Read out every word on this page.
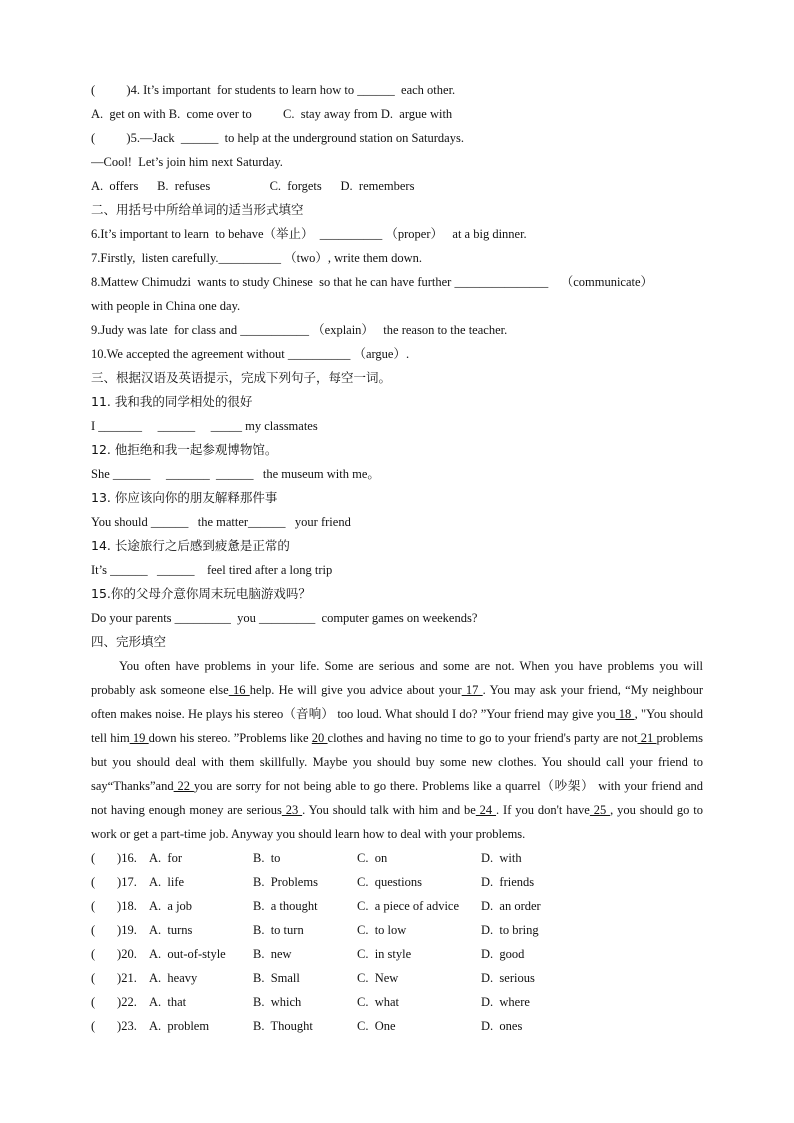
(          )4. It’s important  for students to learn how to ______  each other.
A.  get on with B.  come over to          C.  stay away from D.  argue with
(          )5.—Jack  ______  to help at the underground station on Saturdays.
—Cool!  Let’s join him next Saturday.
A.  offers      B.  refuses                   C.  forgets      D.  remembers
二、用括号中所给单词的适当形式填空
6.It’s important to learn  to behave（举止）  __________ （proper）   at a big dinner.
7.Firstly,  listen carefully.__________ （two）, write them down.
8.Mattew Chimudzi  wants to study Chinese  so that he can have further _______________    （communicate）
with people in China one day.
9.Judy was late  for class and ___________ （explain）   the reason to the teacher.
10.We accepted the agreement without __________ （argue）.
三、根据汉语及英语提示，完成下列句子，每空一词。
11. 我和我的同学相处的很好
I _______     ______     _____ my classmates
12. 他拒绝和我一起参观博物馆。
She ______     _______  ______   the museum with me。
13. 你应该向你的朋友解释那件事
You should ______   the matter______   your friend
14. 长途旅行之后感到疲惫是正常的
It’s ______   ______    feel tired after a long trip
15.你的父母介意你周末玩电脑游戏吗？
Do your parents _________  you _________  computer games on weekends?
四、完形填空

You often have problems in your life. Some are serious and some are not. When you have problems you will probably ask someone else 16 help. He will give you advice about your 17 . You may ask your friend, “My neighbour often makes noise. He plays his stereo（音响） too loud. What should I do? ”Your friend may give you 18 , "You should tell him 19 down his stereo. ”Problems like 20 clothes and having no time to go to your friend's party are not 21 problems but you should deal with them skillfully. Maybe you should buy some new clothes. You should call your friend to say“Thanks”and 22 you are sorry for not being able to go there. Problems like a quarrel（吵架） with your friend and not having enough money are serious 23 . You should talk with him and be 24 . If you don't have 25 , you should go to work or get a part-time job. Anyway you should learn how to deal with your problems.

(       )16. A.  for	B.  to	C.  on	D.  with
(       )17. A.  life	B.  Problems	C.  questions	D.  friends
(       )18. A.  a job	B.  a thought	C.  a piece of advice	D.  an order
(       )19. A.  turns	B.  to turn	C.  to low	D.  to bring
(       )20. A.  out-of-style	B.  new	C.  in style	D.  good
(       )21. A.  heavy	B.  Small	C.  New	D.  serious
(       )22. A.  that	B.  which	C.  what	D.  where
(       )23. A.  problem	B.  Thought	C.  One	D.  ones
